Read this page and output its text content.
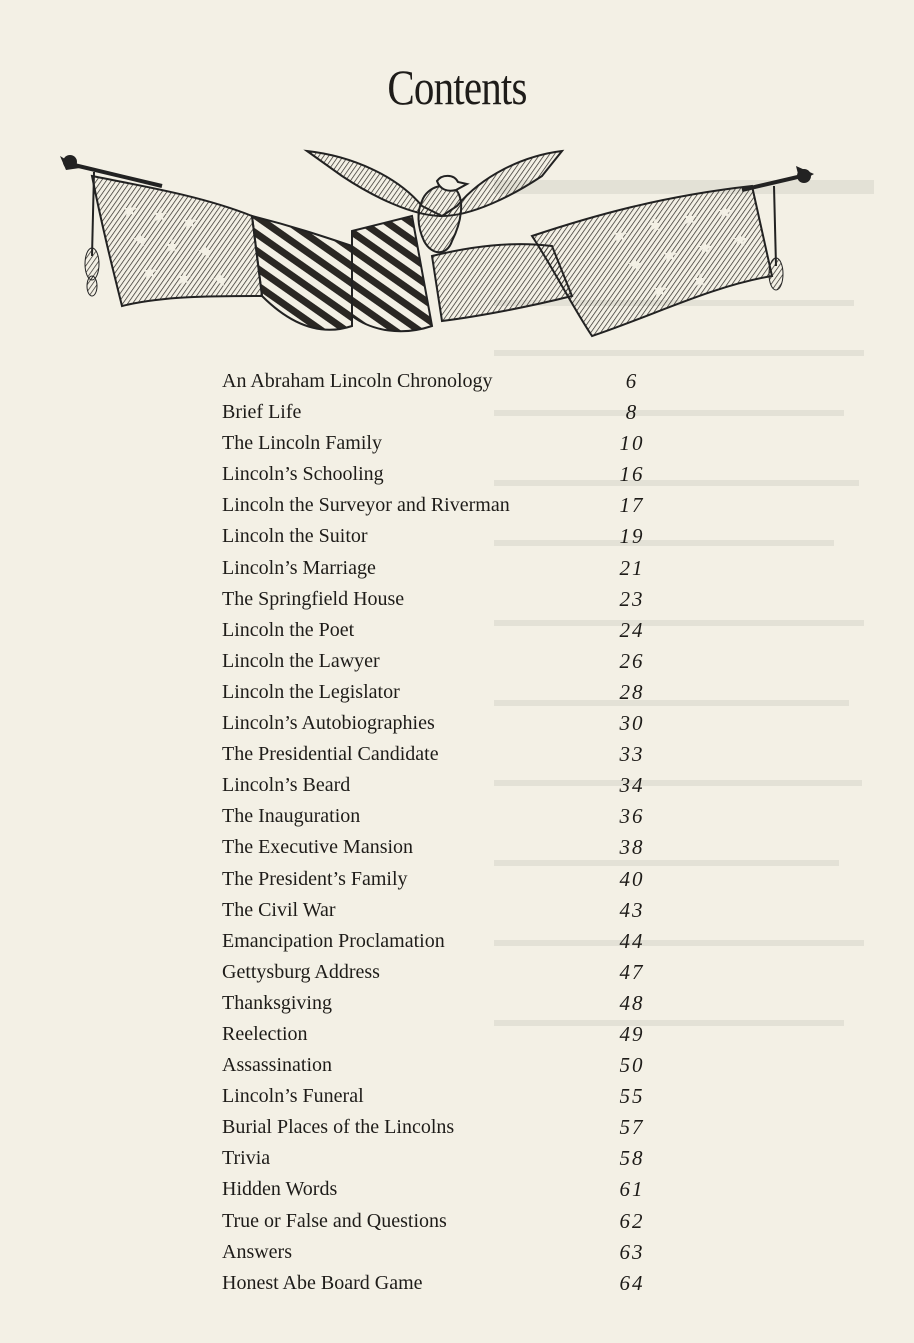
Contents
★ ★ ★
★ ★ ★
★ ★ ★
★ ★ ★ ★
★ ★ ★ ★
★ ★
An Abraham Lincoln Chronology	6
Brief Life	8
The Lincoln Family	10
Lincoln’s Schooling	16
Lincoln the Surveyor and Riverman	17
Lincoln the Suitor	19
Lincoln’s Marriage	21
The Springfield House	23
Lincoln the Poet	24
Lincoln the Lawyer	26
Lincoln the Legislator	28
Lincoln’s Autobiographies	30
The Presidential Candidate	33
Lincoln’s Beard	34
The Inauguration	36
The Executive Mansion	38
The President’s Family	40
The Civil War	43
Emancipation Proclamation	44
Gettysburg Address	47
Thanksgiving	48
Reelection	49
Assassination	50
Lincoln’s Funeral	55
Burial Places of the Lincolns	57
Trivia	58
Hidden Words	61
True or False and Questions	62
Answers	63
Honest Abe Board Game	64
